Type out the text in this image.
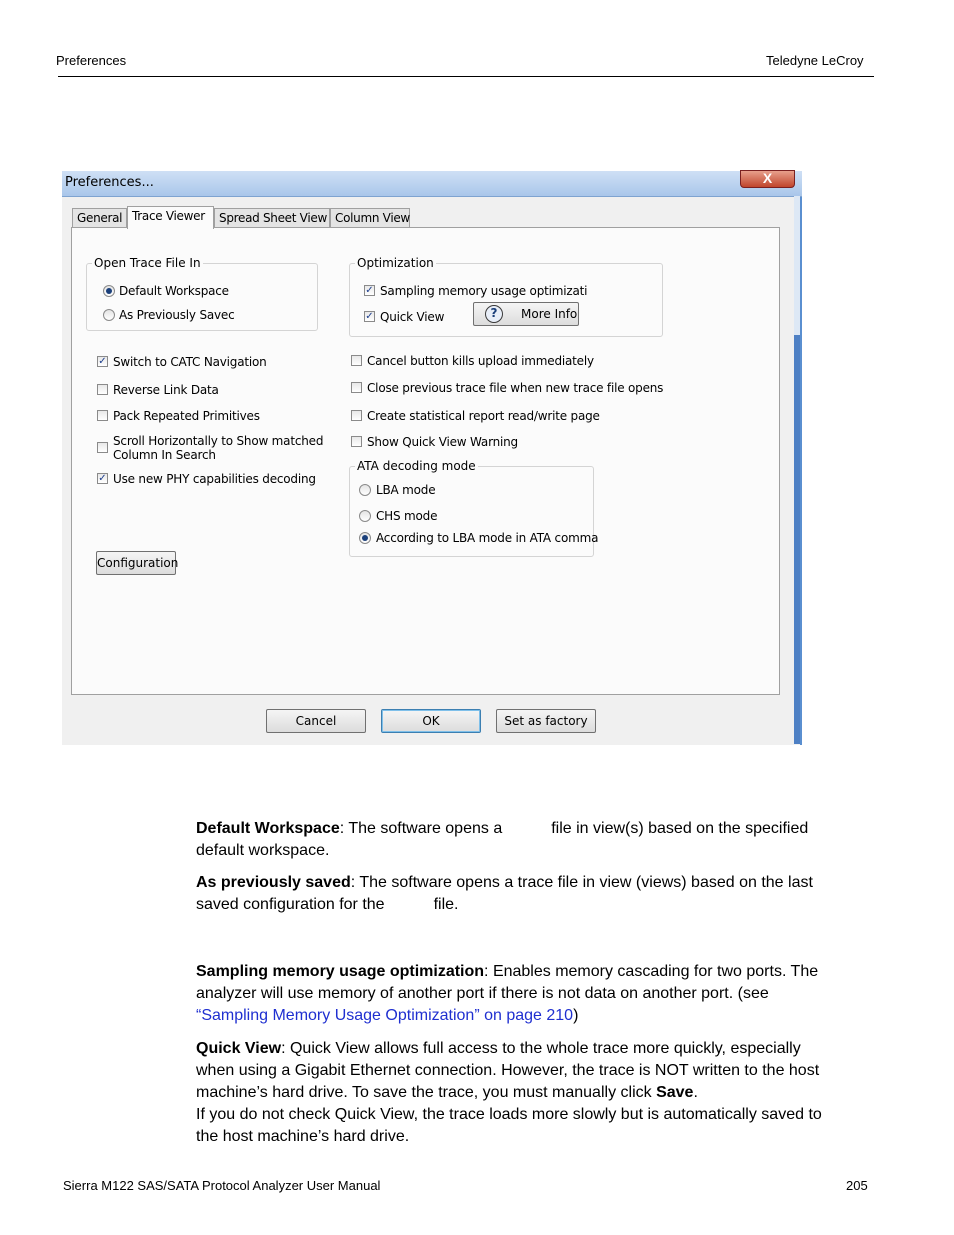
Preferences	Teledyne LeCroy
Preferences...	X
General Trace Viewer	Spread Sheet View Column View
Open Trace File In
Default Workspace
As Previously Savec
Optimization
✓ Sampling memory usage optimizati
✓ Quick View	?	More Info
✓ Switch to CATC Navigation
Reverse Link Data
Pack Repeated Primitives
Scroll Horizontally to Show matched
Column In Search
✓ Use new PHY capabilities decoding
Cancel button kills upload immediately
Close previous trace file when new trace file opens
Create statistical report read/write page
Show Quick View Warning
ATA decoding mode
LBA mode
CHS mode
According to LBA mode in ATA comma
Configuration
Cancel	OK	Set as factory
Default Workspace: The software opens a	file in view(s) based on the specified
default workspace.
As previously saved: The software opens a trace file in view (views) based on the last
saved configuration for the	file.
Sampling memory usage optimization: Enables memory cascading for two ports. The
analyzer will use memory of another port if there is not data on another port. (see
“Sampling Memory Usage Optimization” on page 210)
Quick View: Quick View allows full access to the whole trace more quickly, especially
when using a Gigabit Ethernet connection. However, the trace is NOT written to the host
machine’s hard drive. To save the trace, you must manually click Save.
If you do not check Quick View, the trace loads more slowly but is automatically saved to
the host machine’s hard drive.
Sierra M122 SAS/SATA Protocol Analyzer User Manual	205
